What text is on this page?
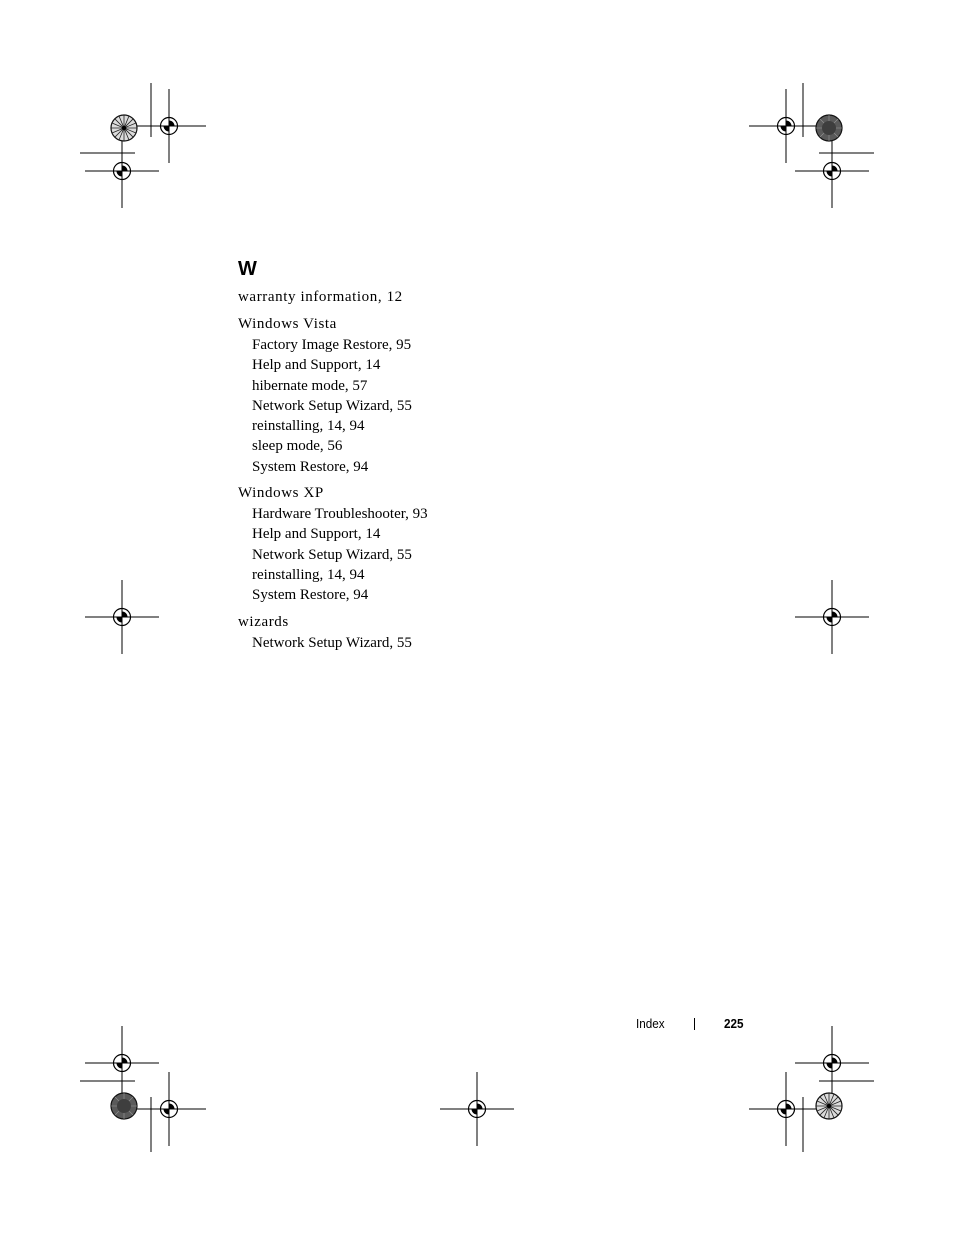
W
warranty information, 12
Windows Vista
Factory Image Restore, 95
Help and Support, 14
hibernate mode, 57
Network Setup Wizard, 55
reinstalling, 14, 94
sleep mode, 56
System Restore, 94
Windows XP
Hardware Troubleshooter, 93
Help and Support, 14
Network Setup Wizard, 55
reinstalling, 14, 94
System Restore, 94
wizards
Network Setup Wizard, 55
Index	225
